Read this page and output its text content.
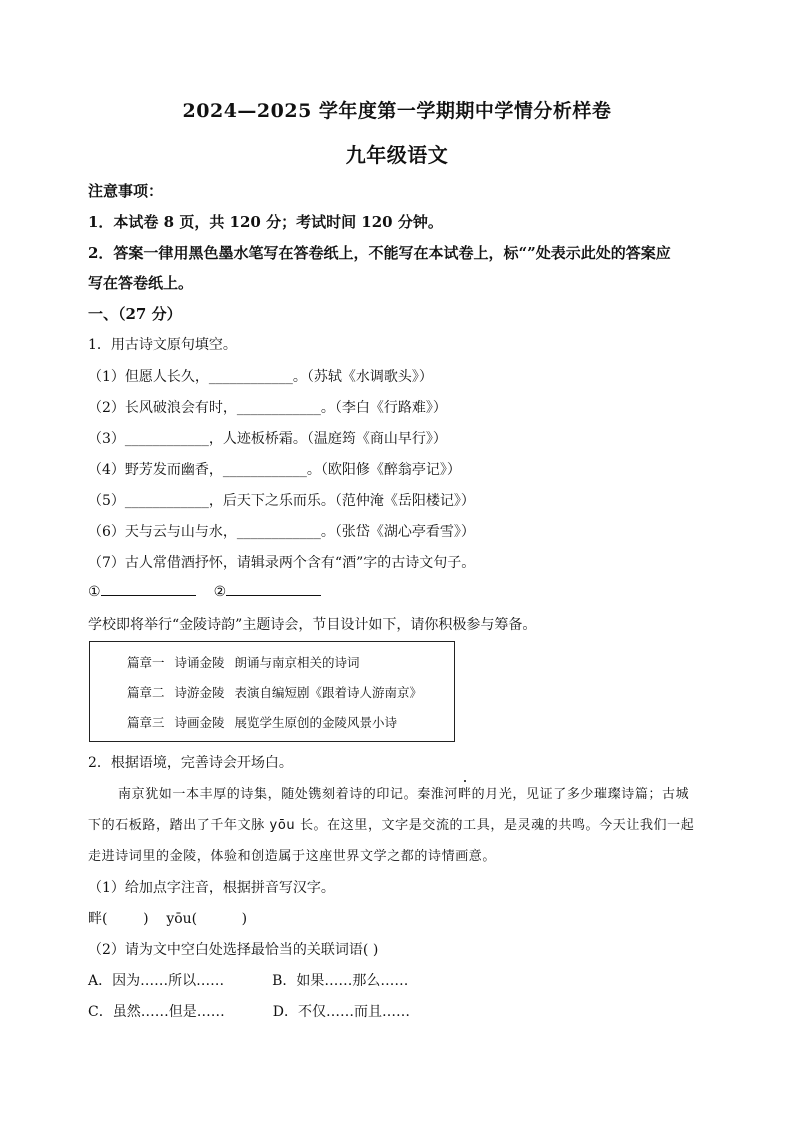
2024—2025 学年度第一学期期中学情分析样卷
九年级语文
注意事项：
1．本试卷 8 页，共 120 分；考试时间 120 分钟。
2．答案一律用黑色墨水笔写在答卷纸上，不能写在本试卷上，标“”处表示此处的答案应
写在答卷纸上。
一、（27 分）
1．用古诗文原句填空。
（1）但愿人长久，____________。（苏轼《水调歌头》）
（2）长风破浪会有时，____________。（李白《行路难》）
（3）____________，人迹板桥霜。（温庭筠《商山早行》）
（4）野芳发而幽香，____________。（欧阳修《醉翁亭记》）
（5）____________，后天下之乐而乐。（范仲淹《岳阳楼记》）
（6）天与云与山与水，____________。（张岱《湖心亭看雪》）
（7）古人常借酒抒怀，请辑录两个含有“酒”字的古诗文句子。
①	②
学校即将举行“金陵诗韵”主题诗会，节目设计如下，请你积极参与筹备。
篇章一 诗诵金陵 朗诵与南京相关的诗词
篇章二 诗游金陵 表演自编短剧《跟着诗人游南京》
篇章三 诗画金陵 展览学生原创的金陵风景小诗
2．根据语境，完善诗会开场白。
南京犹如一本丰厚的诗集，随处镌刻着诗的印记。秦淮河畔的月光，见证了多少璀璨诗篇；古城
下的石板路，踏出了千年文脉 yōu 长。在这里，文字是交流的工具，是灵魂的共鸣。今天让我们一起
走进诗词里的金陵，体验和创造属于这座世界文学之都的诗情画意。
（1）给加点字注音，根据拼音写汉字。
畔(        )    yōu(          )
（2）请为文中空白处选择最恰当的关联词语( )
A．因为……所以……	B．如果……那么……
C．虽然……但是……	D．不仅……而且……
